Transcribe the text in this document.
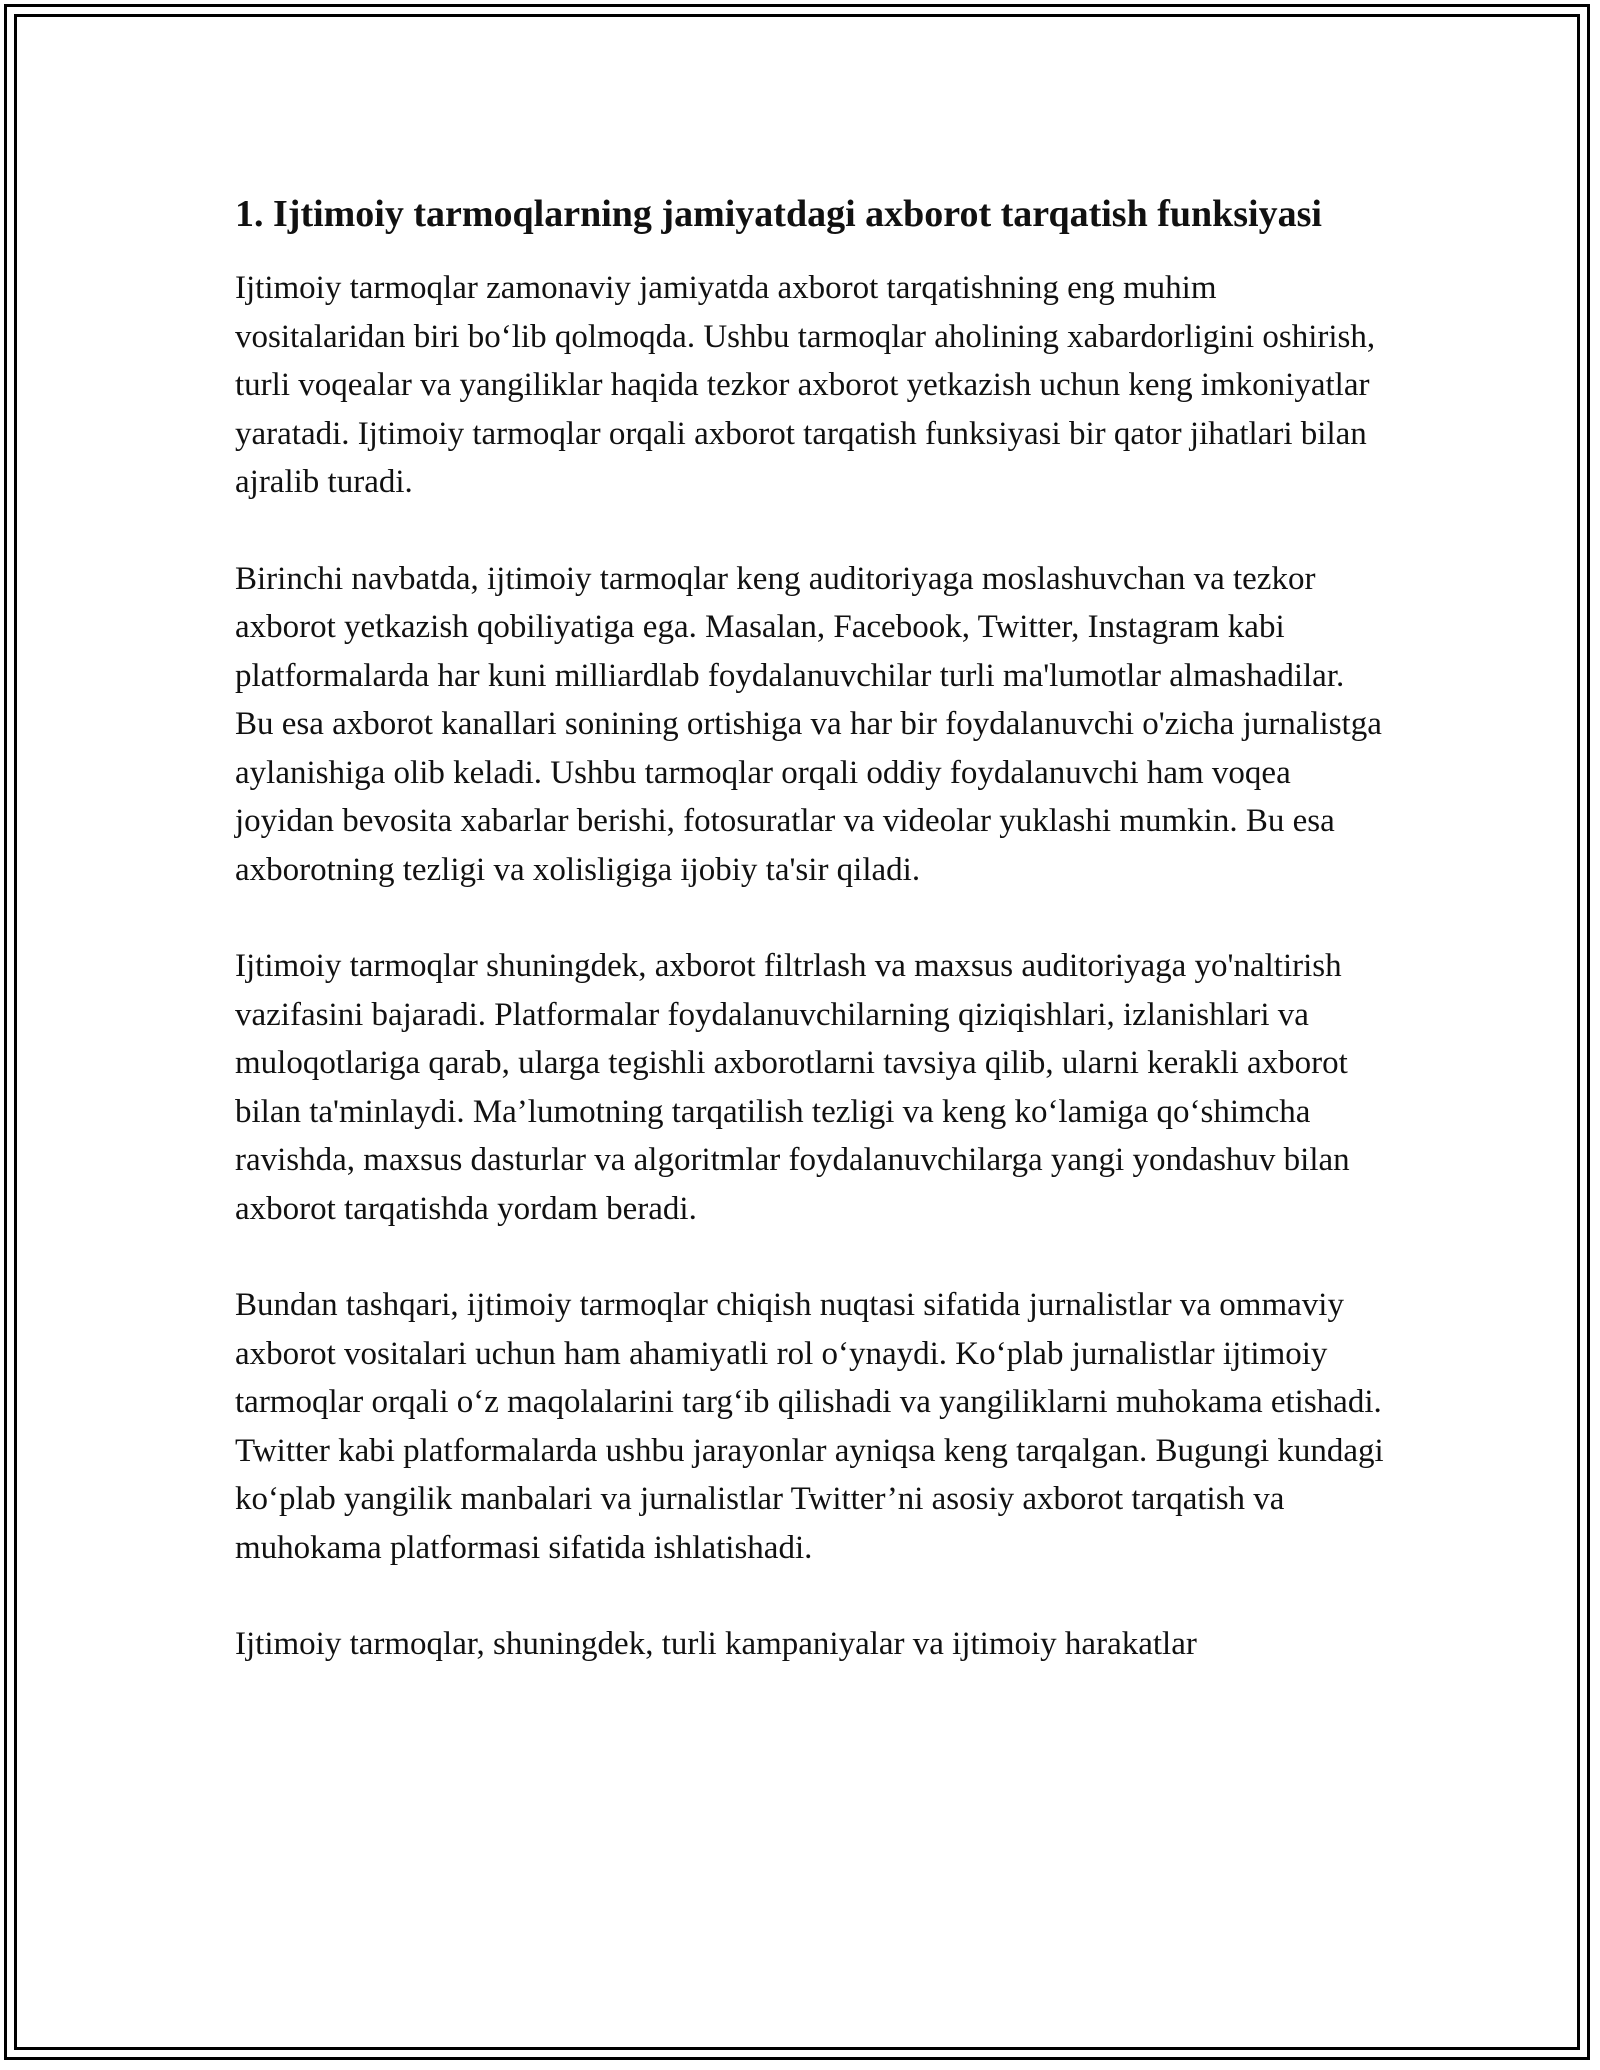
1. Ijtimoiy tarmoqlarning jamiyatdagi axborot tarqatish funksiyasi

Ijtimoiy tarmoqlar zamonaviy jamiyatda axborot tarqatishning eng muhim vositalaridan biri bo‘lib qolmoqda. Ushbu tarmoqlar aholining xabardorligini oshirish, turli voqealar va yangiliklar haqida tezkor axborot yetkazish uchun keng imkoniyatlar yaratadi. Ijtimoiy tarmoqlar orqali axborot tarqatish funksiyasi bir qator jihatlari bilan ajralib turadi.

Birinchi navbatda, ijtimoiy tarmoqlar keng auditoriyaga moslashuvchan va tezkor axborot yetkazish qobiliyatiga ega. Masalan, Facebook, Twitter, Instagram kabi platformalarda har kuni milliardlab foydalanuvchilar turli ma'lumotlar almashadilar. Bu esa axborot kanallari sonining ortishiga va har bir foydalanuvchi o'zicha jurnalistga aylanishiga olib keladi. Ushbu tarmoqlar orqali oddiy foydalanuvchi ham voqea joyidan bevosita xabarlar berishi, fotosuratlar va videolar yuklashi mumkin. Bu esa axborotning tezligi va xolisligiga ijobiy ta'sir qiladi.

Ijtimoiy tarmoqlar shuningdek, axborot filtrlash va maxsus auditoriyaga yo'naltirish vazifasini bajaradi. Platformalar foydalanuvchilarning qiziqishlari, izlanishlari va muloqotlariga qarab, ularga tegishli axborotlarni tavsiya qilib, ularni kerakli axborot bilan ta'minlaydi. Ma’lumotning tarqatilish tezligi va keng ko‘lamiga qo‘shimcha ravishda, maxsus dasturlar va algoritmlar foydalanuvchilarga yangi yondashuv bilan axborot tarqatishda yordam beradi.

Bundan tashqari, ijtimoiy tarmoqlar chiqish nuqtasi sifatida jurnalistlar va ommaviy axborot vositalari uchun ham ahamiyatli rol o‘ynaydi. Ko‘plab jurnalistlar ijtimoiy tarmoqlar orqali o‘z maqolalarini targ‘ib qilishadi va yangiliklarni muhokama etishadi. Twitter kabi platformalarda ushbu jarayonlar ayniqsa keng tarqalgan. Bugungi kundagi ko‘plab yangilik manbalari va jurnalistlar Twitter’ni asosiy axborot tarqatish va muhokama platformasi sifatida ishlatishadi.

Ijtimoiy tarmoqlar, shuningdek, turli kampaniyalar va ijtimoiy harakatlar
